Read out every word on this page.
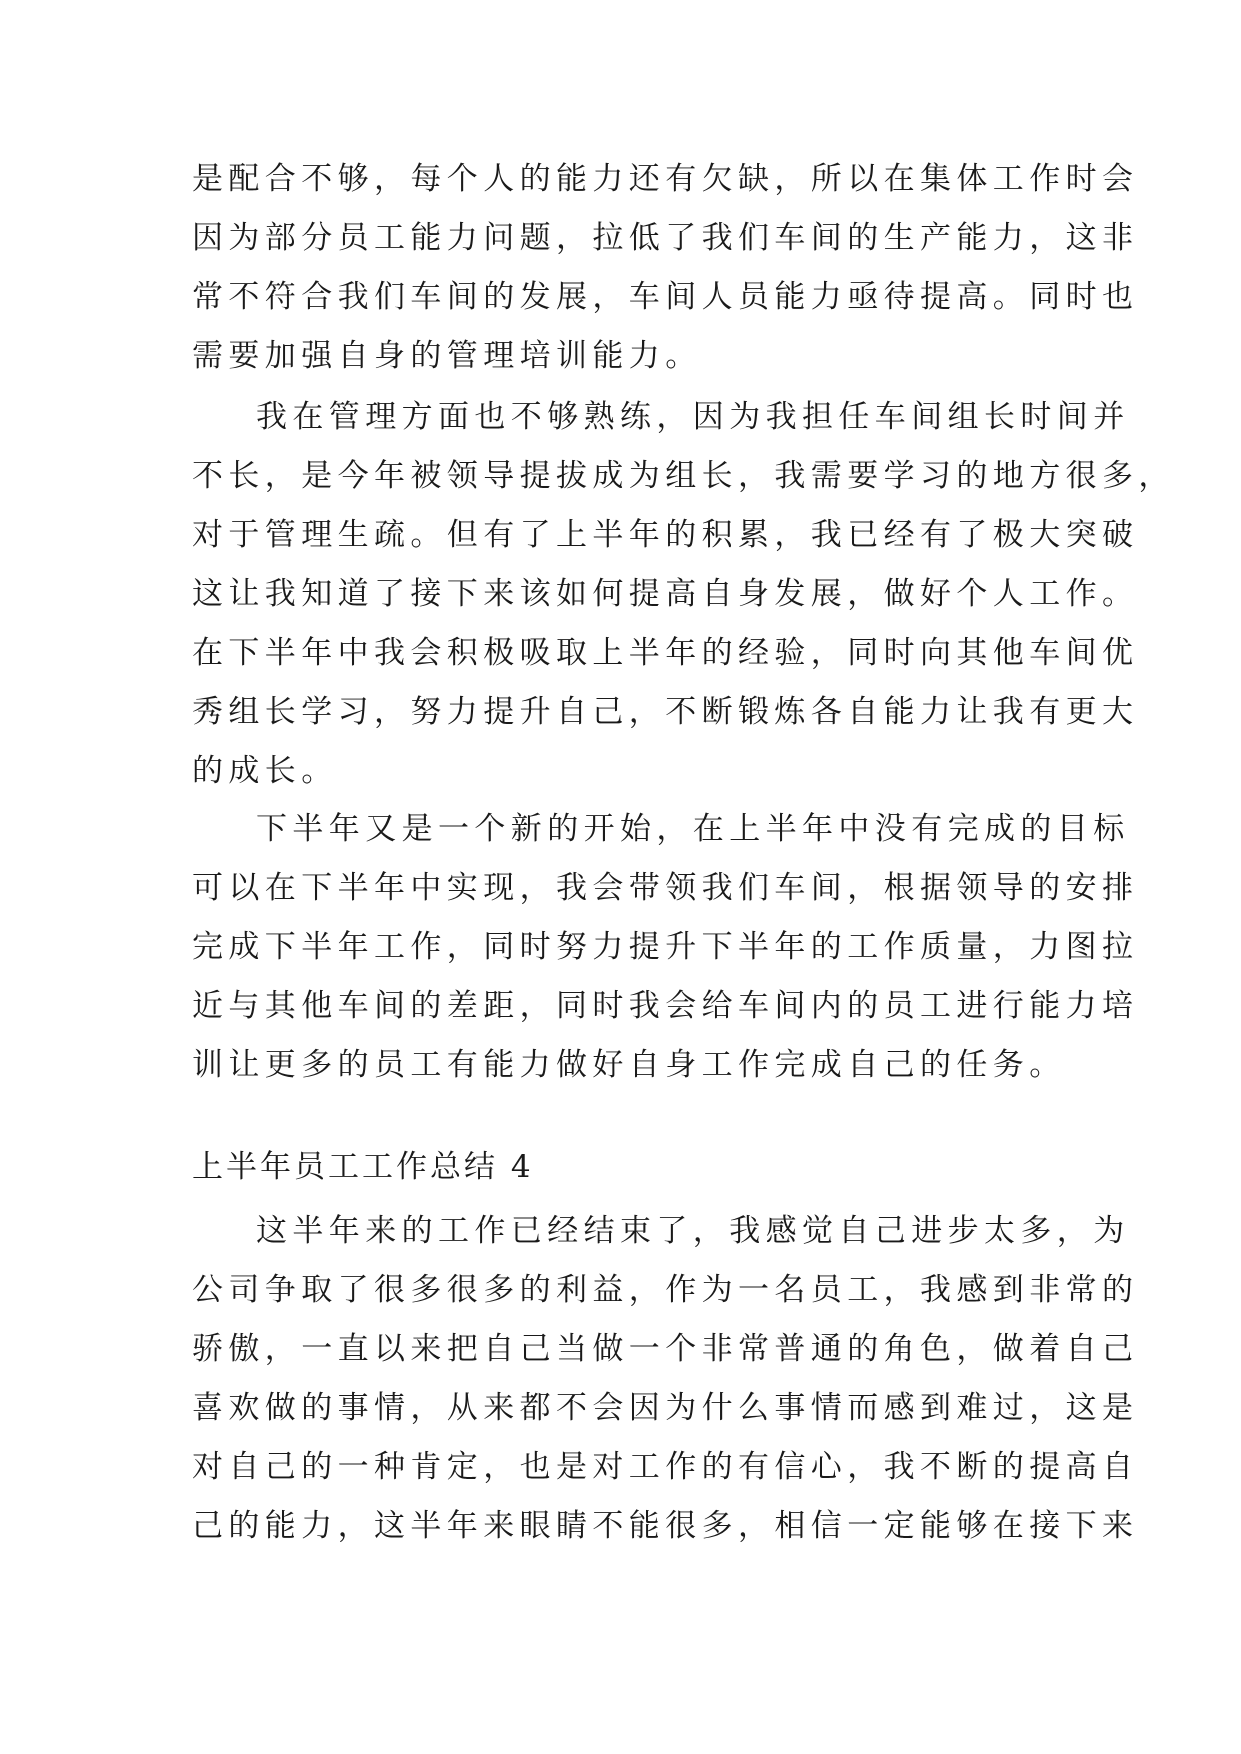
是配合不够，每个人的能力还有欠缺，所以在集体工作时会
因为部分员工能力问题，拉低了我们车间的生产能力，这非
常不符合我们车间的发展，车间人员能力亟待提高。同时也
需要加强自身的管理培训能力。
我在管理方面也不够熟练，因为我担任车间组长时间并
不长，是今年被领导提拔成为组长，我需要学习的地方很多，
对于管理生疏。但有了上半年的积累，我已经有了极大突破
这让我知道了接下来该如何提高自身发展，做好个人工作。
在下半年中我会积极吸取上半年的经验，同时向其他车间优
秀组长学习，努力提升自己，不断锻炼各自能力让我有更大
的成长。
下半年又是一个新的开始，在上半年中没有完成的目标
可以在下半年中实现，我会带领我们车间，根据领导的安排
完成下半年工作，同时努力提升下半年的工作质量，力图拉
近与其他车间的差距，同时我会给车间内的员工进行能力培
训让更多的员工有能力做好自身工作完成自己的任务。
上半年员工工作总结 4
这半年来的工作已经结束了，我感觉自己进步太多，为
公司争取了很多很多的利益，作为一名员工，我感到非常的
骄傲，一直以来把自己当做一个非常普通的角色，做着自己
喜欢做的事情，从来都不会因为什么事情而感到难过，这是
对自己的一种肯定，也是对工作的有信心，我不断的提高自
己的能力，这半年来眼睛不能很多，相信一定能够在接下来
